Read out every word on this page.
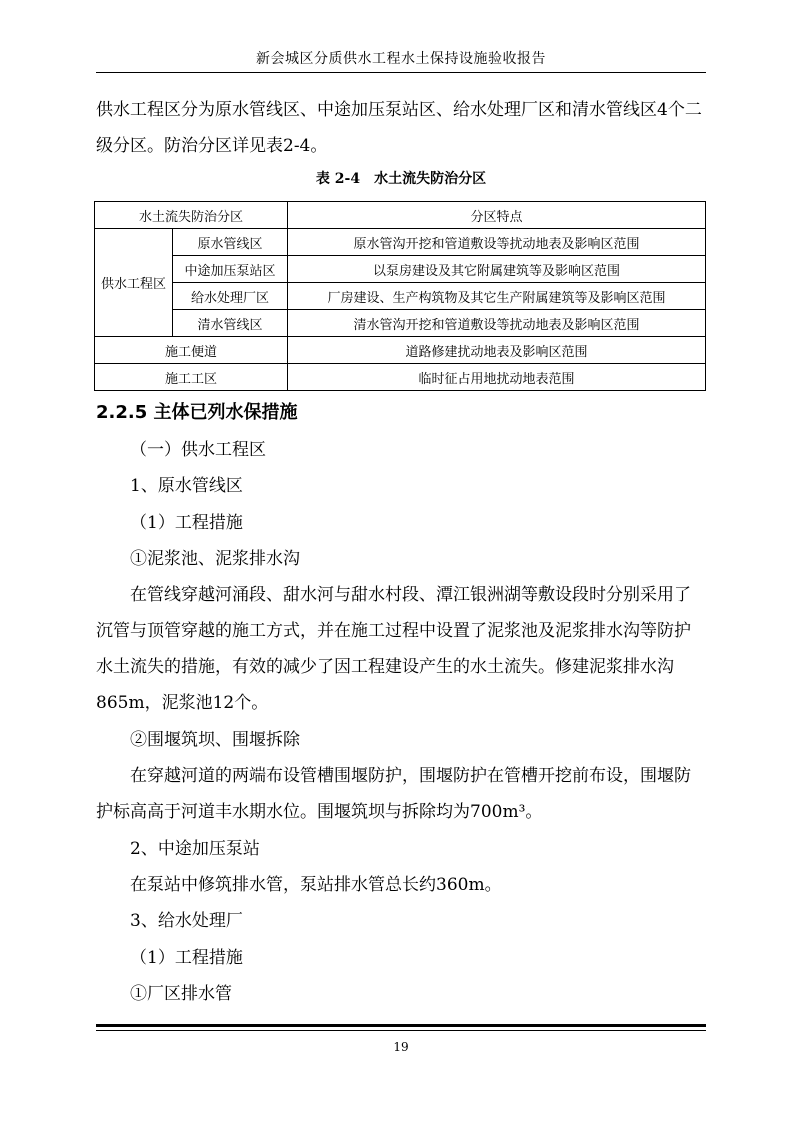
新会城区分质供水工程水土保持设施验收报告

供水工程区分为原水管线区、中途加压泵站区、给水处理厂区和清水管线区4个二级分区。防治分区详见表2-4。

表 2-4　水土流失防治分区
水土流失防治分区		分区特点
供水工程区	原水管线区	原水管沟开挖和管道敷设等扰动地表及影响区范围
	中途加压泵站区	以泵房建设及其它附属建筑等及影响区范围
	给水处理厂区	厂房建设、生产构筑物及其它生产附属建筑等及影响区范围
	清水管线区	清水管沟开挖和管道敷设等扰动地表及影响区范围
施工便道		道路修建扰动地表及影响区范围
施工工区		临时征占用地扰动地表范围
2.2.5 主体已列水保措施

（一）供水工程区

1、原水管线区

（1）工程措施

①泥浆池、泥浆排水沟

在管线穿越河涌段、甜水河与甜水村段、潭江银洲湖等敷设段时分别采用了沉管与顶管穿越的施工方式，并在施工过程中设置了泥浆池及泥浆排水沟等防护水土流失的措施，有效的减少了因工程建设产生的水土流失。修建泥浆排水沟865m，泥浆池12个。

②围堰筑坝、围堰拆除

在穿越河道的两端布设管槽围堰防护，围堰防护在管槽开挖前布设，围堰防护标高高于河道丰水期水位。围堰筑坝与拆除均为700m³。

2、中途加压泵站

在泵站中修筑排水管，泵站排水管总长约360m。

3、给水处理厂

（1）工程措施

①厂区排水管

19
